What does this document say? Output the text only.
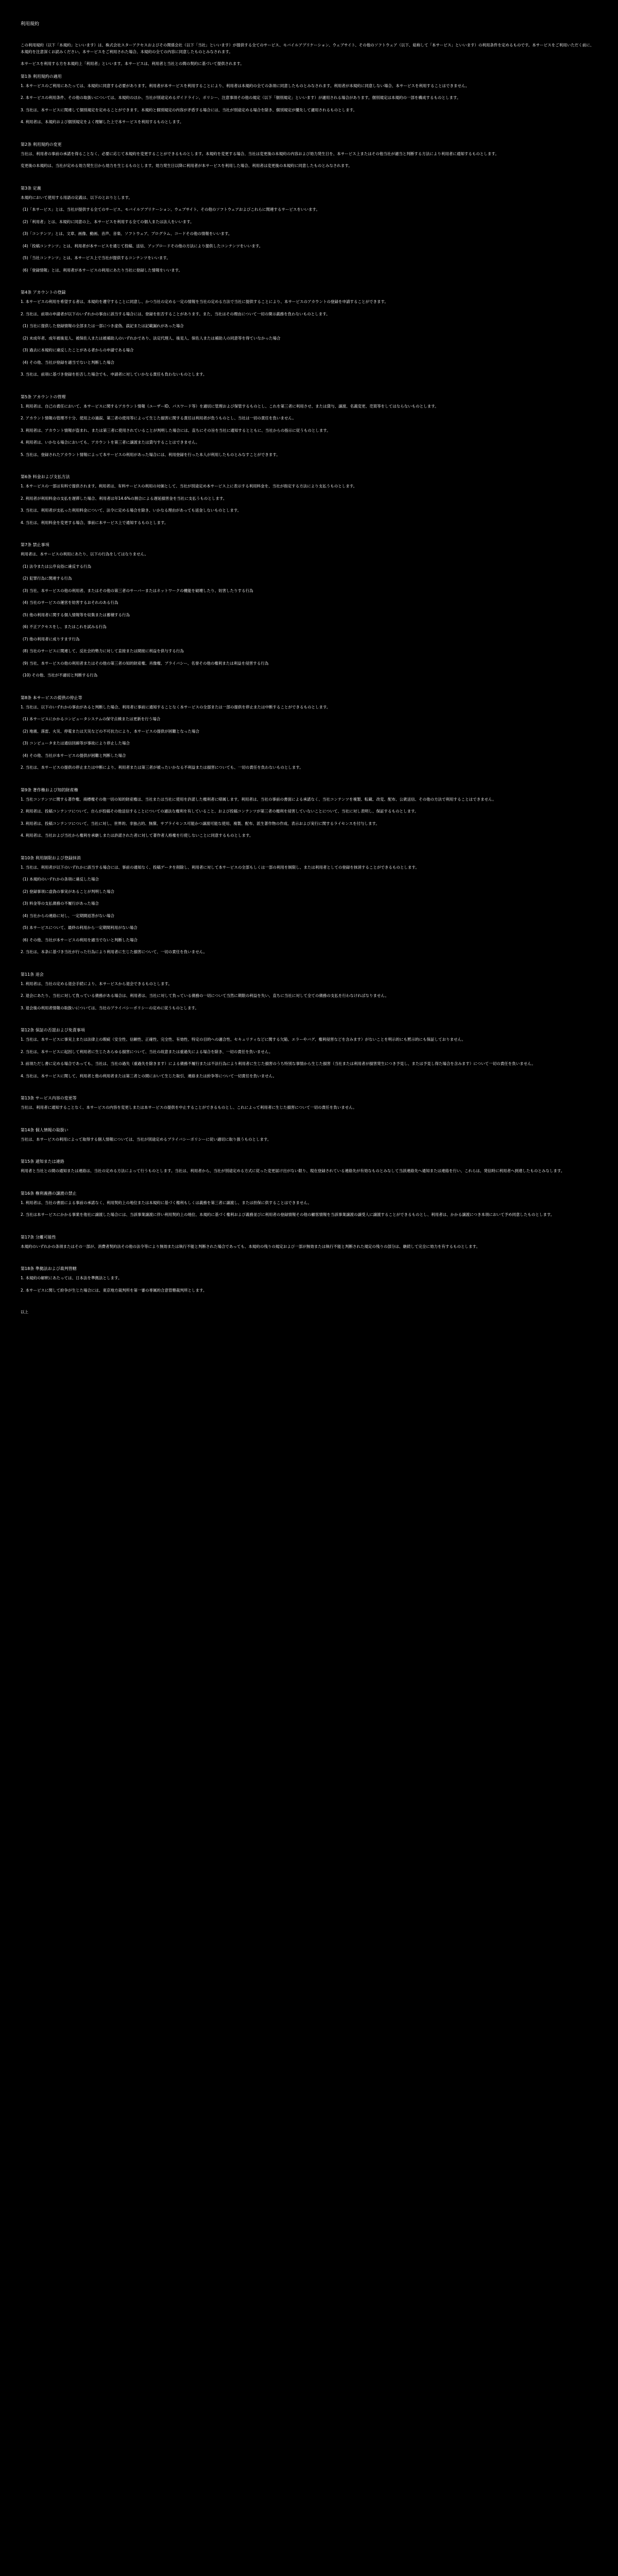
利用規約

この利用規約（以下「本規約」といいます）は、株式会社スターアクセスおよびその関係会社（以下「当社」といいます）が提供する全てのサービス、モバイルアプリケーション、ウェブサイト、その他のソフトウェア（以下、総称して「本サービス」といいます）の利用条件を定めるものです。本サービスをご利用いただく前に、本規約を注意深くお読みください。本サービスをご利用された場合、本規約の全ての内容に同意したものとみなされます。

本サービスを利用する方を本規約上「利用者」といいます。本サービスは、利用者と当社との間の契約に基づいて提供されます。

第1条 利用規約の適用

1. 本サービスのご利用にあたっては、本規約に同意する必要があります。利用者が本サービスを利用することにより、利用者は本規約の全ての条項に同意したものとみなされます。利用者が本規約に同意しない場合、本サービスを利用することはできません。

2. 本サービスの利用条件、その他の取扱いについては、本規約のほか、当社が別途定めるガイドライン、ポリシー、注意事項その他の規定（以下「個別規定」といいます）が適用される場合があります。個別規定は本規約の一部を構成するものとします。

3. 当社は、本サービスに関連して個別規定を定めることができます。本規約と個別規定の内容が矛盾する場合には、当社が別途定める場合を除き、個別規定が優先して適用されるものとします。

4. 利用者は、本規約および個別規定をよく理解した上で本サービスを利用するものとします。

第2条 利用規約の変更

当社は、利用者の事前の承諾を得ることなく、必要に応じて本規約を変更することができるものとします。本規約を変更する場合、当社は変更後の本規約の内容および効力発生日を、本サービス上またはその他当社が適当と判断する方法により利用者に通知するものとします。

変更後の本規約は、当社が定める効力発生日から効力を生じるものとします。効力発生日以降に利用者が本サービスを利用した場合、利用者は変更後の本規約に同意したものとみなされます。

第3条 定義

本規約において使用する用語の定義は、以下のとおりとします。

(1)「本サービス」とは、当社が提供する全てのサービス、モバイルアプリケーション、ウェブサイト、その他のソフトウェアおよびこれらに関連するサービスをいいます。

(2)「利用者」とは、本規約に同意の上、本サービスを利用する全ての個人または法人をいいます。

(3)「コンテンツ」とは、文章、画像、動画、音声、音楽、ソフトウェア、プログラム、コードその他の情報をいいます。

(4)「投稿コンテンツ」とは、利用者が本サービスを通じて投稿、送信、アップロードその他の方法により提供したコンテンツをいいます。

(5)「当社コンテンツ」とは、本サービス上で当社が提供するコンテンツをいいます。

(6)「登録情報」とは、利用者が本サービスの利用にあたり当社に登録した情報をいいます。

第4条 アカウントの登録

1. 本サービスの利用を希望する者は、本規約を遵守することに同意し、かつ当社の定める一定の情報を当社の定める方法で当社に提供することにより、本サービスのアカウントの登録を申請することができます。

2. 当社は、前項の申請者が以下のいずれかの事由に該当する場合には、登録を拒否することがあります。また、当社はその理由について一切の開示義務を負わないものとします。

(1) 当社に提供した登録情報の全部または一部につき虚偽、誤記または記載漏れがあった場合

(2) 未成年者、成年被後見人、被保佐人または被補助人のいずれかであり、法定代理人、後見人、保佐人または補助人の同意等を得ていなかった場合

(3) 過去に本規約に違反したことがある者からの申請である場合

(4) その他、当社が登録を適当でないと判断した場合

3. 当社は、前項に基づき登録を拒否した場合でも、申請者に対していかなる責任も負わないものとします。

第5条 アカウントの管理

1. 利用者は、自己の責任において、本サービスに関するアカウント情報（ユーザーID、パスワード等）を適切に管理および保管するものとし、これを第三者に利用させ、または貸与、譲渡、名義変更、売買等をしてはならないものとします。

2. アカウント情報の管理不十分、使用上の過誤、第三者の使用等によって生じた損害に関する責任は利用者が負うものとし、当社は一切の責任を負いません。

3. 利用者は、アカウント情報が盗まれ、または第三者に使用されていることが判明した場合には、直ちにその旨を当社に通知するとともに、当社からの指示に従うものとします。

4. 利用者は、いかなる場合においても、アカウントを第三者に譲渡または貸与することはできません。

5. 当社は、登録されたアカウント情報によって本サービスの利用があった場合には、利用登録を行った本人が利用したものとみなすことができます。

第6条 料金および支払方法

1. 本サービスの一部は有料で提供されます。利用者は、有料サービスの利用の対価として、当社が別途定め本サービス上に表示する利用料金を、当社が指定する方法により支払うものとします。

2. 利用者が利用料金の支払を遅滞した場合、利用者は年14.6%の割合による遅延損害金を当社に支払うものとします。

3. 当社は、利用者が支払った利用料金について、法令に定める場合を除き、いかなる理由があっても返金しないものとします。

4. 当社は、利用料金を変更する場合、事前に本サービス上で通知するものとします。

第7条 禁止事項

利用者は、本サービスの利用にあたり、以下の行為をしてはなりません。

(1) 法令または公序良俗に違反する行為

(2) 犯罪行為に関連する行為

(3) 当社、本サービスの他の利用者、またはその他の第三者のサーバーまたはネットワークの機能を破壊したり、妨害したりする行為

(4) 当社のサービスの運営を妨害するおそれのある行為

(5) 他の利用者に関する個人情報等を収集または蓄積する行為

(6) 不正アクセスをし、またはこれを試みる行為

(7) 他の利用者に成りすます行為

(8) 当社のサービスに関連して、反社会的勢力に対して直接または間接に利益を供与する行為

(9) 当社、本サービスの他の利用者またはその他の第三者の知的財産権、肖像権、プライバシー、名誉その他の権利または利益を侵害する行為

(10) その他、当社が不適切と判断する行為

第8条 本サービスの提供の停止等

1. 当社は、以下のいずれかの事由があると判断した場合、利用者に事前に通知することなく本サービスの全部または一部の提供を停止または中断することができるものとします。

(1) 本サービスにかかるコンピュータシステムの保守点検または更新を行う場合

(2) 地震、落雷、火災、停電または天災などの不可抗力により、本サービスの提供が困難となった場合

(3) コンピュータまたは通信回線等が事故により停止した場合

(4) その他、当社が本サービスの提供が困難と判断した場合

2. 当社は、本サービスの提供の停止または中断により、利用者または第三者が被ったいかなる不利益または損害についても、一切の責任を負わないものとします。

第9条 著作権および知的財産権

1. 当社コンテンツに関する著作権、商標権その他一切の知的財産権は、当社または当社に使用を許諾した権利者に帰属します。利用者は、当社の事前の書面による承諾なく、当社コンテンツを複製、転載、改変、配布、公衆送信、その他の方法で利用することはできません。

2. 利用者は、投稿コンテンツについて、自らが投稿その他送信することについての適法な権利を有していること、および投稿コンテンツが第三者の権利を侵害していないことについて、当社に対し表明し、保証するものとします。

3. 利用者は、投稿コンテンツについて、当社に対し、世界的、非独占的、無償、サブライセンス可能かつ譲渡可能な使用、複製、配布、派生著作物の作成、表示および実行に関するライセンスを付与します。

4. 利用者は、当社および当社から権利を承継しまたは許諾された者に対して著作者人格権を行使しないことに同意するものとします。

第10条 利用制限および登録抹消

1. 当社は、利用者が以下のいずれかに該当する場合には、事前の通知なく、投稿データを削除し、利用者に対して本サービスの全部もしくは一部の利用を制限し、または利用者としての登録を抹消することができるものとします。

(1) 本規約のいずれかの条項に違反した場合

(2) 登録事項に虚偽の事実があることが判明した場合

(3) 料金等の支払債務の不履行があった場合

(4) 当社からの連絡に対し、一定期間返答がない場合

(5) 本サービスについて、最終の利用から一定期間利用がない場合

(6) その他、当社が本サービスの利用を適当でないと判断した場合

2. 当社は、本条に基づき当社が行った行為により利用者に生じた損害について、一切の責任を負いません。

第11条 退会

1. 利用者は、当社の定める退会手続により、本サービスから退会できるものとします。

2. 退会にあたり、当社に対して負っている債務がある場合は、利用者は、当社に対して負っている債務の一切について当然に期限の利益を失い、直ちに当社に対して全ての債務の支払を行わなければなりません。

3. 退会後の利用者情報の取扱いについては、当社のプライバシーポリシーの定めに従うものとします。

第12条 保証の否認および免責事項

1. 当社は、本サービスに事実上または法律上の瑕疵（安全性、信頼性、正確性、完全性、有効性、特定の目的への適合性、セキュリティなどに関する欠陥、エラーやバグ、権利侵害などを含みます）がないことを明示的にも黙示的にも保証しておりません。

2. 当社は、本サービスに起因して利用者に生じたあらゆる損害について、当社の故意または重過失による場合を除き、一切の責任を負いません。

3. 前項ただし書に定める場合であっても、当社は、当社の過失（重過失を除きます）による債務不履行または不法行為により利用者に生じた損害のうち特別な事情から生じた損害（当社または利用者が損害発生につき予見し、または予見し得た場合を含みます）について一切の責任を負いません。

4. 当社は、本サービスに関して、利用者と他の利用者または第三者との間において生じた取引、連絡または紛争等について一切責任を負いません。

第13条 サービス内容の変更等

当社は、利用者に通知することなく、本サービスの内容を変更しまたは本サービスの提供を中止することができるものとし、これによって利用者に生じた損害について一切の責任を負いません。

第14条 個人情報の取扱い

当社は、本サービスの利用によって取得する個人情報については、当社が別途定めるプライバシーポリシーに従い適切に取り扱うものとします。

第15条 通知または連絡

利用者と当社との間の通知または連絡は、当社の定める方法によって行うものとします。当社は、利用者から、当社が別途定める方式に従った変更届け出がない限り、現在登録されている連絡先が有効なものとみなして当該連絡先へ通知または連絡を行い、これらは、発信時に利用者へ到達したものとみなします。

第16条 権利義務の譲渡の禁止

1. 利用者は、当社の書面による事前の承諾なく、利用契約上の地位または本規約に基づく権利もしくは義務を第三者に譲渡し、または担保に供することはできません。

2. 当社は本サービスにかかる事業を他社に譲渡した場合には、当該事業譲渡に伴い利用契約上の地位、本規約に基づく権利および義務並びに利用者の登録情報その他の顧客情報を当該事業譲渡の譲受人に譲渡することができるものとし、利用者は、かかる譲渡につき本項において予め同意したものとします。

第17条 分離可能性

本規約のいずれかの条項またはその一部が、消費者契約法その他の法令等により無効または執行不能と判断された場合であっても、本規約の残りの規定および一部が無効または執行不能と判断された規定の残りの部分は、継続して完全に効力を有するものとします。

第18条 準拠法および裁判管轄

1. 本規約の解釈にあたっては、日本法を準拠法とします。

2. 本サービスに関して紛争が生じた場合には、東京地方裁判所を第一審の専属的合意管轄裁判所とします。

以上
